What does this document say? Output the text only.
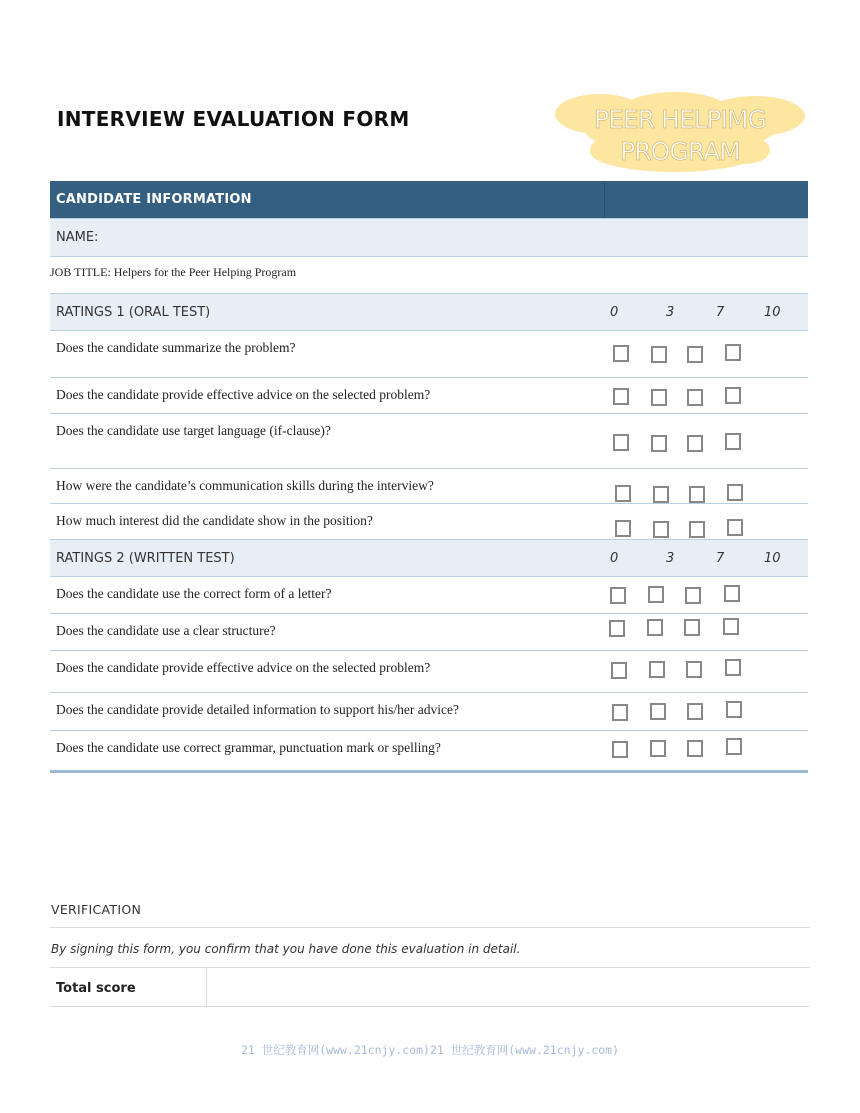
INTERVIEW EVALUATION FORM	PEER HELPIMG
PROGRAM
CANDIDATE INFORMATION
NAME:
JOB TITLE: Helpers for the Peer Helping Program
RATINGS 1 (ORAL TEST)	0	3	7	10
Does the candidate summarize the problem?
Does the candidate provide effective advice on the selected problem?
Does the candidate use target language (if-clause)?
How were the candidate’s communication skills during the interview?
How much interest did the candidate show in the position?
RATINGS 2 (WRITTEN TEST)	0	3	7	10
Does the candidate use the correct form of a letter?
Does the candidate use a clear structure?
Does the candidate provide effective advice on the selected problem?
Does the candidate provide detailed information to support his/her advice?
Does the candidate use correct grammar, punctuation mark or spelling?
VERIFICATION
By signing this form, you confirm that you have done this evaluation in detail.
Total score
21 世纪教育网(www.21cnjy.com)21 世纪教育网(www.21cnjy.com)
